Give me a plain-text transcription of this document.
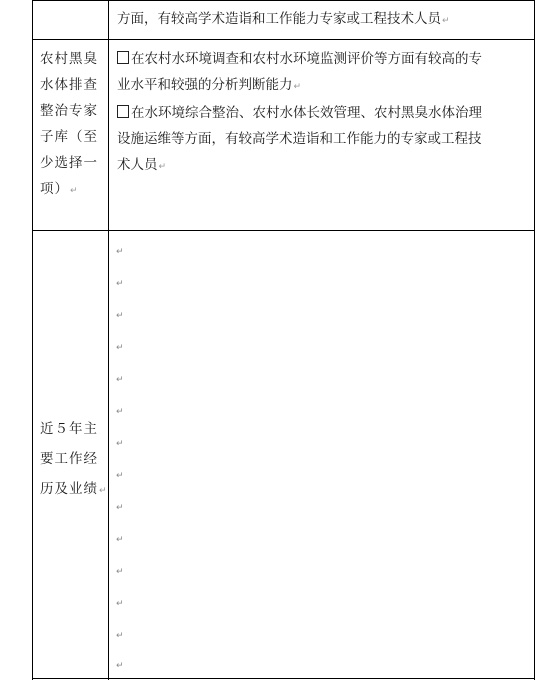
方面，有较高学术造诣和工作能力专家或工程技术人员↵
农村黑臭
水体排查
整治专家
子库（至
少选择一
项）↵
在农村水环境调查和农村水环境监测评价等方面有较高的专
业水平和较强的分析判断能力↵
在水环境综合整治、农村水体长效管理、农村黑臭水体治理
设施运维等方面，有较高学术造诣和工作能力的专家或工程技
术人员↵
近５年主
要工作经
历及业绩↵
↵
↵
↵
↵
↵
↵
↵
↵
↵
↵
↵
↵
↵
↵
